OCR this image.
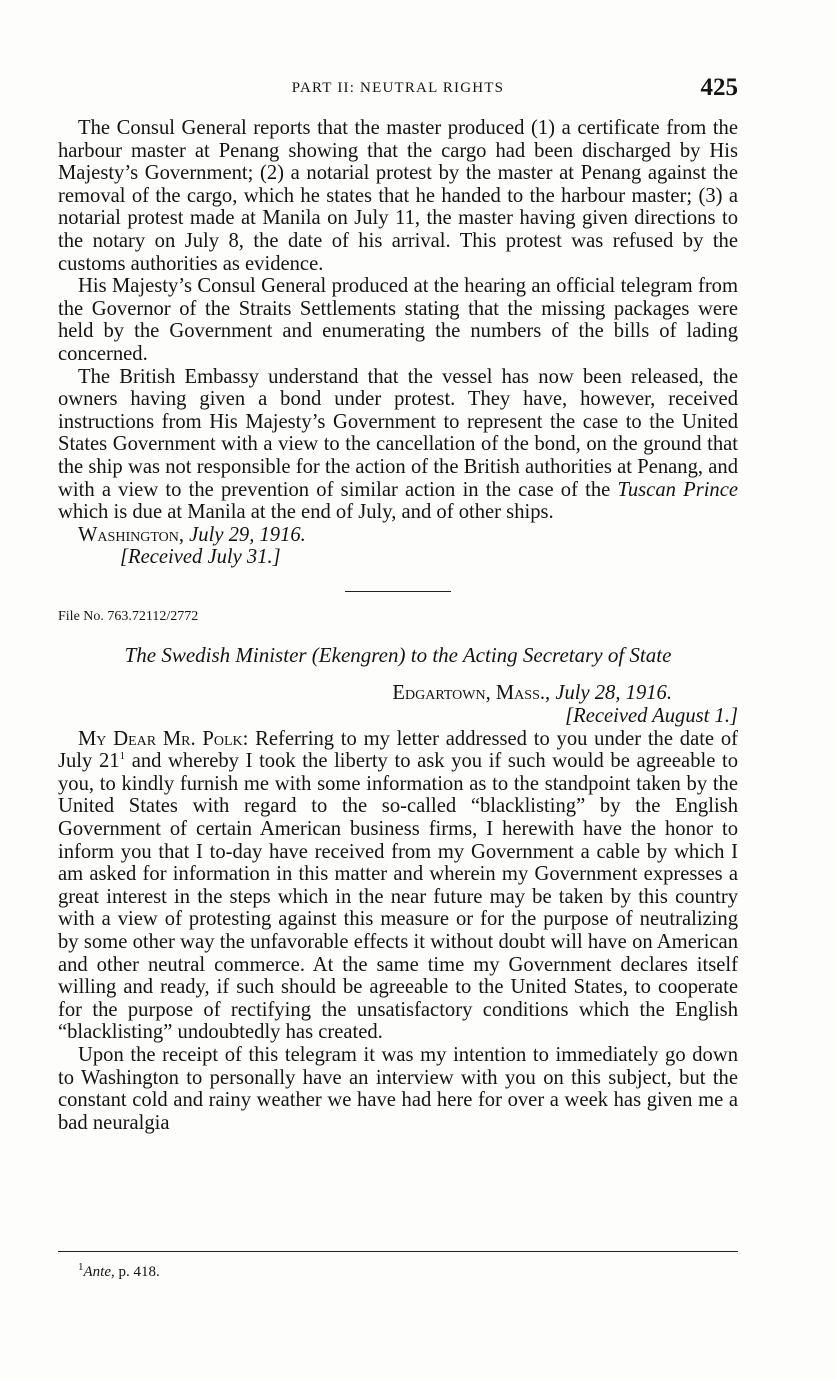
PART II: NEUTRAL RIGHTS	425

The Consul General reports that the master produced (1) a certificate from the harbour master at Penang showing that the cargo had been discharged by His Majesty’s Government; (2) a notarial protest by the master at Penang against the removal of the cargo, which he states that he handed to the harbour master; (3) a notarial protest made at Manila on July 11, the master having given directions to the notary on July 8, the date of his arrival. This protest was refused by the customs authorities as evidence.

His Majesty’s Consul General produced at the hearing an official telegram from the Governor of the Straits Settlements stating that the missing packages were held by the Government and enumerating the numbers of the bills of lading concerned.

The British Embassy understand that the vessel has now been released, the owners having given a bond under protest. They have, however, received instructions from His Majesty’s Government to represent the case to the United States Government with a view to the cancellation of the bond, on the ground that the ship was not responsible for the action of the British authorities at Penang, and with a view to the prevention of similar action in the case of the Tuscan Prince which is due at Manila at the end of July, and of other ships.

Washington, July 29, 1916.
[Received July 31.]
File No. 763.72112/2772
The Swedish Minister (Ekengren) to the Acting Secretary of State
Edgartown, Mass., July 28, 1916.
[Received August 1.]

My Dear Mr. Polk: Referring to my letter addressed to you under the date of July $21^1$ and whereby I took the liberty to ask you if such would be agreeable to you, to kindly furnish me with some information as to the standpoint taken by the United States with regard to the so-called “blacklisting” by the English Government of certain American business firms, I herewith have the honor to inform you that I to-day have received from my Government a cable by which I am asked for information in this matter and wherein my Government expresses a great interest in the steps which in the near future may be taken by this country with a view of protesting against this measure or for the purpose of neutralizing by some other way the unfavorable effects it without doubt will have on American and other neutral commerce. At the same time my Government declares itself willing and ready, if such should be agreeable to the United States, to cooperate for the purpose of rectifying the unsatisfactory conditions which the English “blacklisting” undoubtedly has created.

Upon the receipt of this telegram it was my intention to immediately go down to Washington to personally have an interview with you on this subject, but the constant cold and rainy weather we have had here for over a week has given me a bad neuralgia

$^1$Ante, p. 418.
